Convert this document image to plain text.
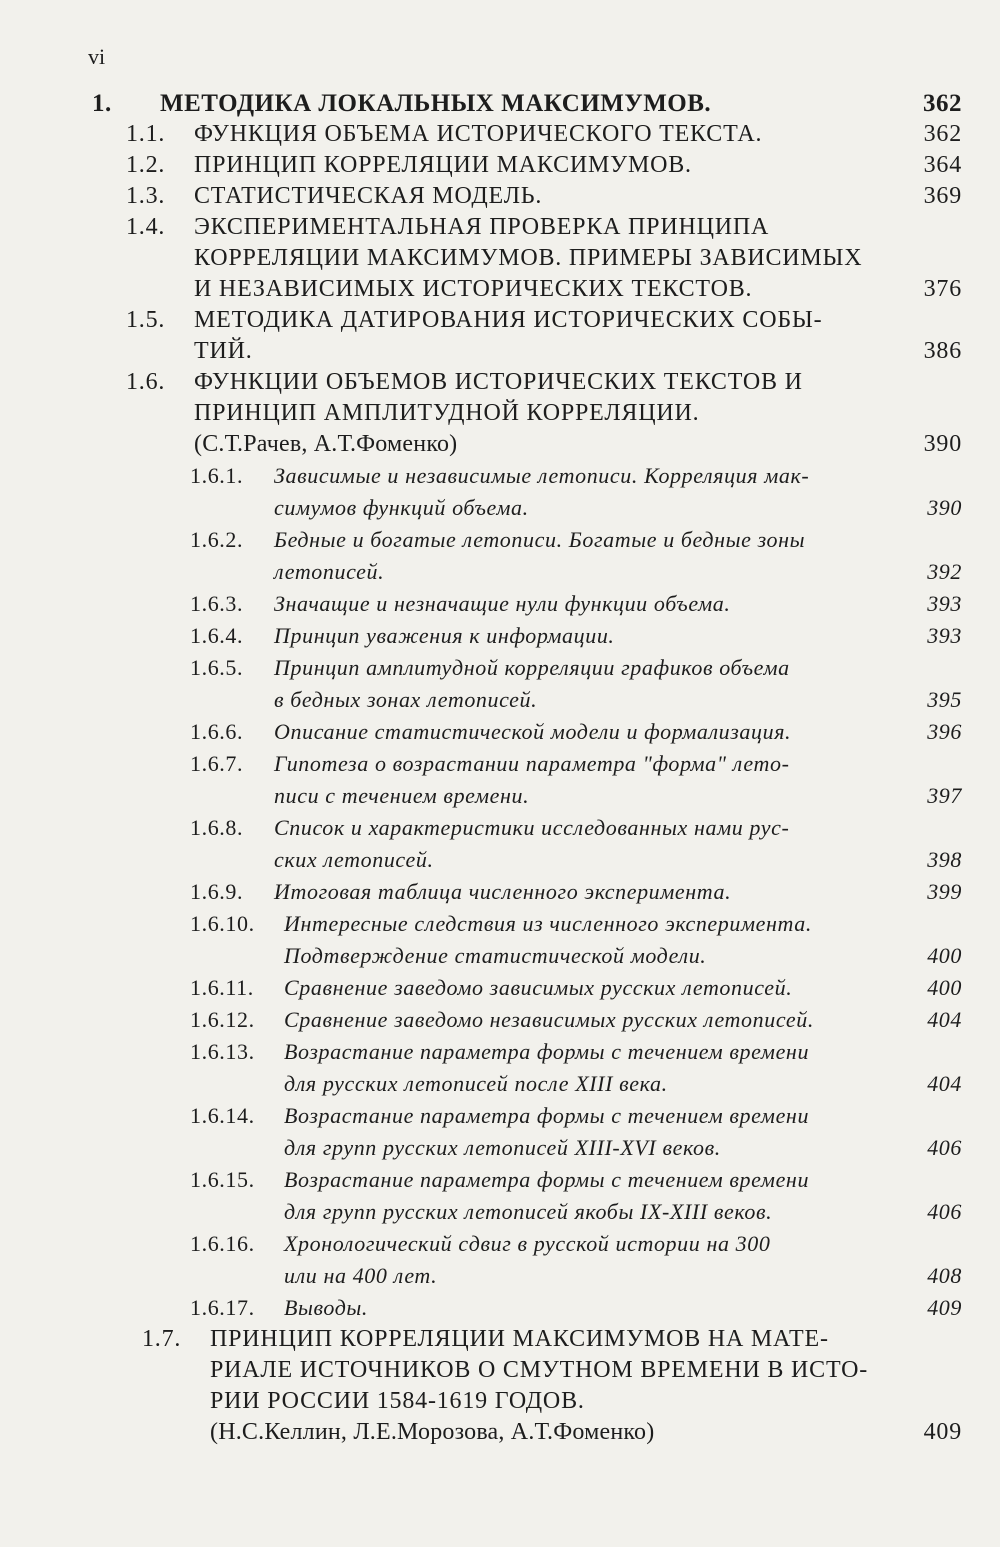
vi
1. МЕТОДИКА ЛОКАЛЬНЫХ МАКСИМУМОВ.	362
1.1. ФУНКЦИЯ ОБЪЕМА ИСТОРИЧЕСКОГО ТЕКСТА.	362
1.2. ПРИНЦИП КОРРЕЛЯЦИИ МАКСИМУМОВ.	364
1.3. СТАТИСТИЧЕСКАЯ МОДЕЛЬ.	369
1.4. ЭКСПЕРИМЕНТАЛЬНАЯ ПРОВЕРКА ПРИНЦИПА
КОРРЕЛЯЦИИ МАКСИМУМОВ. ПРИМЕРЫ ЗАВИСИМЫХ
И НЕЗАВИСИМЫХ ИСТОРИЧЕСКИХ ТЕКСТОВ.	376
1.5. МЕТОДИКА ДАТИРОВАНИЯ ИСТОРИЧЕСКИХ СОБЫ-
ТИЙ.	386
1.6. ФУНКЦИИ ОБЪЕМОВ ИСТОРИЧЕСКИХ ТЕКСТОВ И
ПРИНЦИП АМПЛИТУДНОЙ КОРРЕЛЯЦИИ.
(С.Т.Рачев, А.Т.Фоменко)	390
1.6.1. Зависимые и независимые летописи. Корреляция мак-
симумов функций объема.	390
1.6.2. Бедные и богатые летописи. Богатые и бедные зоны
летописей.	392
1.6.3. Значащие и незначащие нули функции объема.	393
1.6.4. Принцип уважения к информации.	393
1.6.5. Принцип амплитудной корреляции графиков объема
в бедных зонах летописей.	395
1.6.6. Описание статистической модели и формализация.	396
1.6.7. Гипотеза о возрастании параметра "форма" лето-
писи с течением времени.	397
1.6.8. Список и характеристики исследованных нами рус-
ских летописей.	398
1.6.9. Итоговая таблица численного эксперимента.	399
1.6.10. Интересные следствия из численного эксперимента.
Подтверждение статистической модели.	400
1.6.11. Сравнение заведомо зависимых русских летописей.	400
1.6.12. Сравнение заведомо независимых русских летописей.	404
1.6.13. Возрастание параметра формы с течением времени
для русских летописей после XIII века.	404
1.6.14. Возрастание параметра формы с течением времени
для групп русских летописей XIII-XVI веков.	406
1.6.15. Возрастание параметра формы с течением времени
для групп русских летописей якобы IX-XIII веков.	406
1.6.16. Хронологический сдвиг в русской истории на 300
или на 400 лет.	408
1.6.17. Выводы.	409
1.7. ПРИНЦИП КОРРЕЛЯЦИИ МАКСИМУМОВ НА МАТЕ-
РИАЛЕ ИСТОЧНИКОВ О СМУТНОМ ВРЕМЕНИ В ИСТО-
РИИ РОССИИ 1584-1619 ГОДОВ.
(Н.С.Келлин, Л.Е.Морозова, А.Т.Фоменко)	409
